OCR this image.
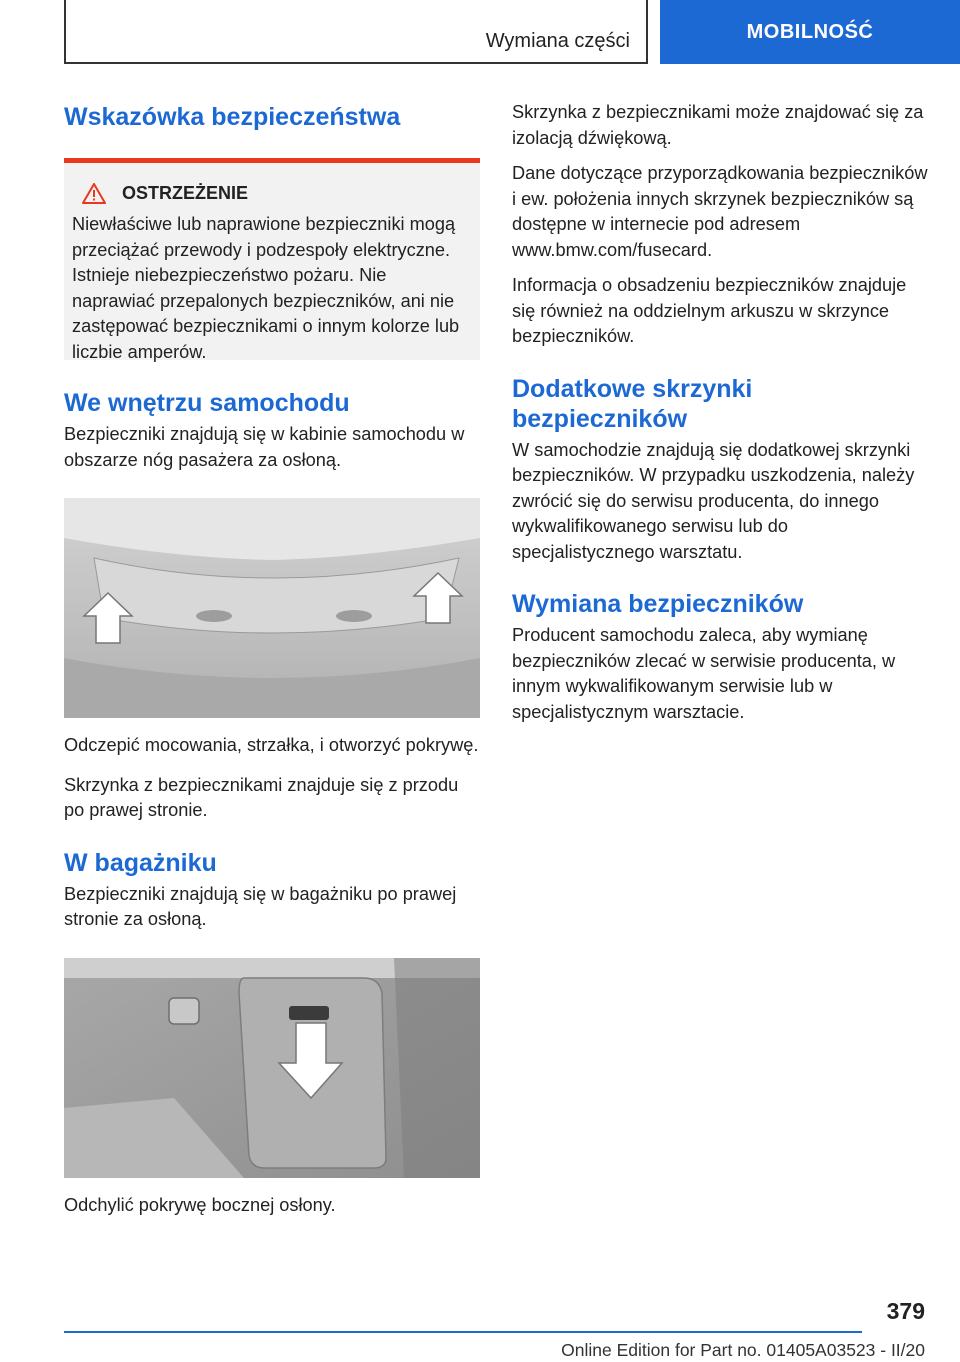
Wymiana części	MOBILNOŚĆ
Wskazówka bezpieczeństwa
OSTRZEŻENIE

Niewłaściwe lub naprawione bezpieczniki mogą przeciążać przewody i podzespoły elektryczne. Istnieje niebezpieczeństwo pożaru. Nie naprawiać przepalonych bezpieczników, ani nie zastępować bezpiecznikami o innym kolorze lub liczbie amperów.

We wnętrzu samochodu

Bezpieczniki znajdują się w kabinie samochodu w obszarze nóg pasażera za osłoną.

Odczepić mocowania, strzałka, i otworzyć pokrywę.

Skrzynka z bezpiecznikami znajduje się z przodu po prawej stronie.

W bagażniku

Bezpieczniki znajdują się w bagażniku po prawej stronie za osłoną.

Odchylić pokrywę bocznej osłony.

Skrzynka z bezpiecznikami może znajdować się za izolacją dźwiękową.

Dane dotyczące przyporządkowania bezpieczników i ew. położenia innych skrzynek bezpieczników są dostępne w internecie pod adresem www.bmw.com/fusecard.

Informacja o obsadzeniu bezpieczników znajduje się również na oddzielnym arkuszu w skrzynce bezpieczników.

Dodatkowe skrzynki bezpieczników

W samochodzie znajdują się dodatkowej skrzynki bezpieczników. W przypadku uszkodzenia, należy zwrócić się do serwisu producenta, do innego wykwalifikowanego serwisu lub do specjalistycznego warsztatu.

Wymiana bezpieczników

Producent samochodu zaleca, aby wymianę bezpieczników zlecać w serwisie producenta, w innym wykwalifikowanym serwisie lub w specjalistycznym warsztacie.

379
Online Edition for Part no. 01405A03523 - II/20
